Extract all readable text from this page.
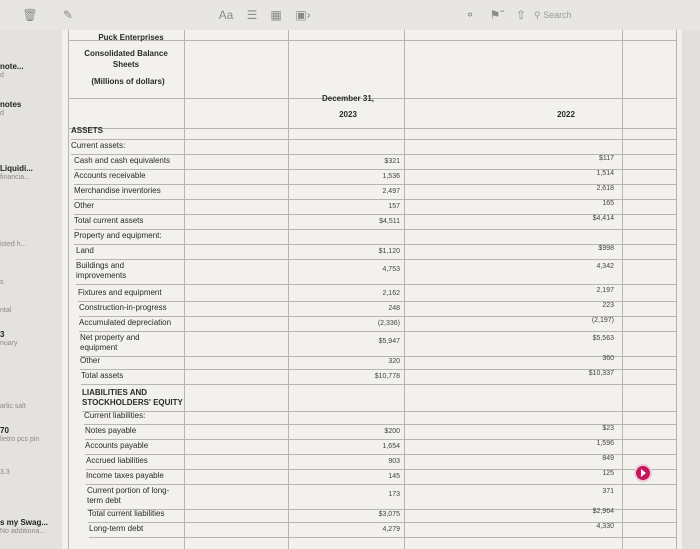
🗑 ✎	Aa ☰ ▦ ▣›	⚬	⚑ˇ ⇧ ⚲ Search
note...
d
notes
d
Liquidi...
financia...
isted h...
s
ntal
3
nuary
arlic salt
70
lietro pcs pin
3.3
s my Swag...
No additiona...
Puck Enterprises
Consolidated Balance
Sheets
(Millions of dollars)
December 31,
2023	2022
ASSETS
Current assets:
Cash and cash equivalents	$321	$117
Accounts receivable	1,536	1,514
Merchandise inventories	2,497	2,618
Other	157	165
Total current assets	$4,511	$4,414
Property and equipment:
Land	$1,120	$998
Buildings and
improvements
4,753	4,342
Fixtures and equipment	2,162	2,197
Construction-in-progress	248	223
Accumulated depreciation	(2,336)	(2,197)
Net property and
equipment
$5,947	$5,563
Other	320	360
Total assets	$10,778	$10,337
LIABILITIES AND
STOCKHOLDERS' EQUITY
Current liabilities:
Notes payable	$200	$23
Accounts payable	1,654	1,596
Accrued liabilities	903	849
Income taxes payable	145	125
Current portion of long-
term debt
173	371
Total current liabilities	$3,075	$2,964
Long-term debt	4,279	4,330
